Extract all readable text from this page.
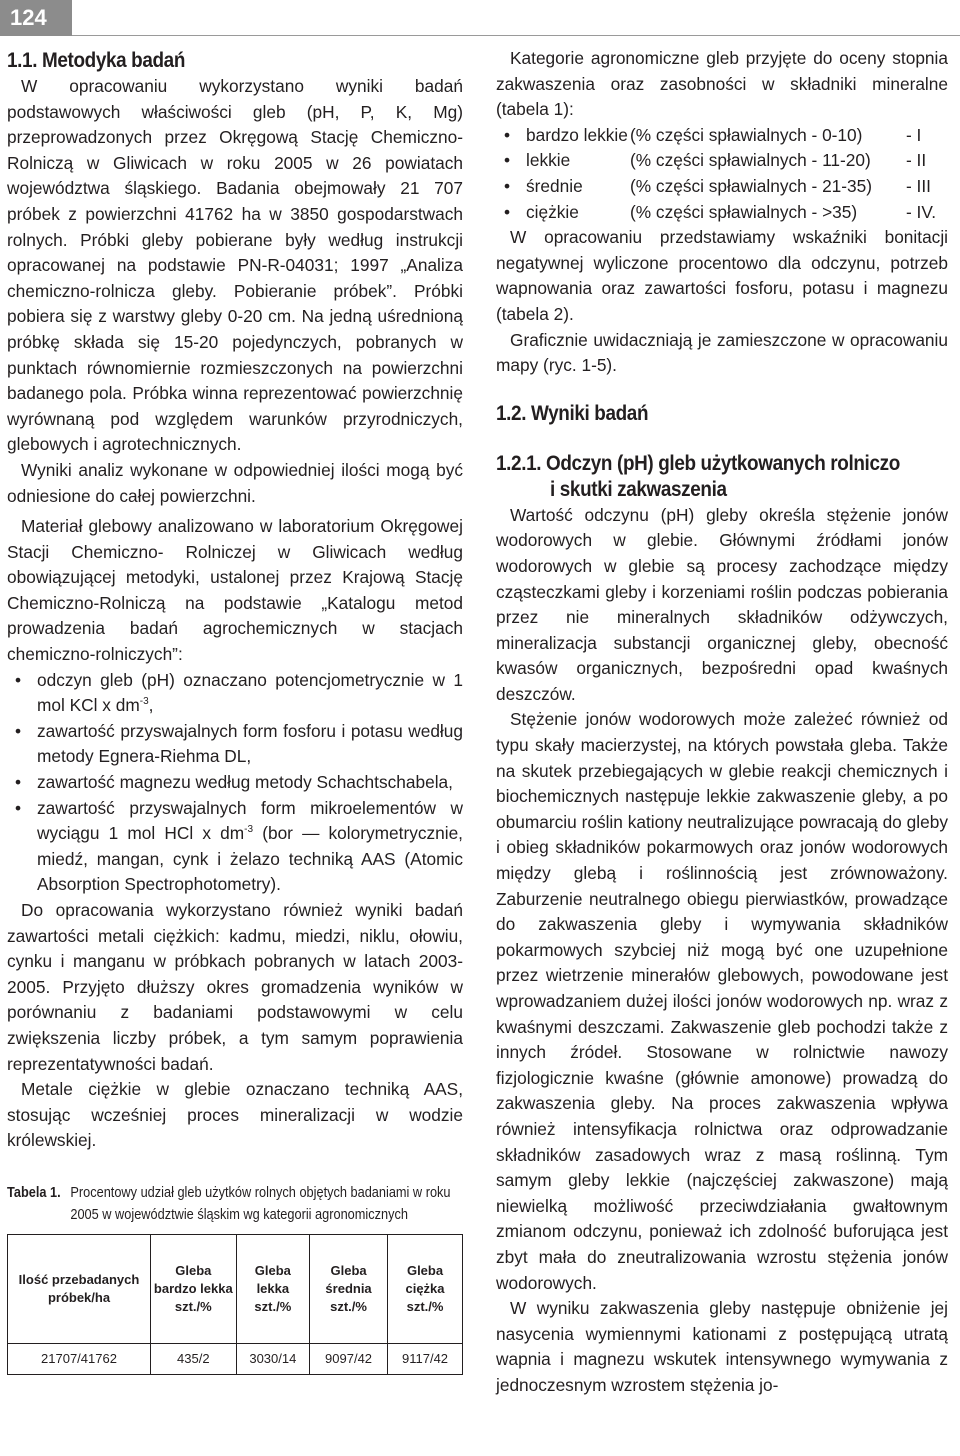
124
1.1. Metodyka badań

W opracowaniu wykorzystano wyniki badań podstawowych właściwości gleb (pH, P, K, Mg) przeprowadzonych przez Okręgową Stację Chemiczno-Rolniczą w Gliwicach w roku 2005 w 26 powiatach województwa śląskiego. Badania obejmowały 21 707 próbek z powierzchni 41762 ha w 3850 gospodarstwach rolnych. Próbki gleby pobierane były według instrukcji opracowanej na podstawie PN-R-04031; 1997 „Analiza chemiczno-rolnicza gleby. Pobieranie próbek”. Próbki pobiera się z warstwy gleby 0-20 cm. Na jedną uśrednioną próbkę składa się 15-20 pojedynczych, pobranych w punktach równomiernie rozmieszczonych na powierzchni badanego pola. Próbka winna reprezentować powierzchnię wyrównaną pod względem warunków przyrodniczych, glebowych i agrotechnicznych.

Wyniki analiz wykonane w odpowiedniej ilości mogą być odniesione do całej powierzchni.

Materiał glebowy analizowano w laboratorium Okręgowej Stacji Chemiczno- Rolniczej w Gliwicach według obowiązującej metodyki, ustalonej przez Krajową Stację Chemiczno-Rolniczą na podstawie „Katalogu metod prowadzenia badań agrochemicznych w stacjach chemiczno-rolniczych”:

• odczyn gleb (pH) oznaczano potencjometrycznie w 1 mol KCl x $dm^{-3}$,
• zawartość przyswajalnych form fosforu i potasu według metody Egnera-Riehma DL,
• zawartość magnezu według metody Schachtschabela,
• zawartość przyswajalnych form mikroelementów w wyciągu 1 mol HCl x $dm^{-3}$ (bor — kolorymetrycznie, miedź, mangan, cynk i żelazo techniką AAS (Atomic Absorption Spectrophotometry).

Do opracowania wykorzystano również wyniki badań zawartości metali ciężkich: kadmu, miedzi, niklu, ołowiu, cynku i manganu w próbkach pobranych w latach 2003-2005. Przyjęto dłuższy okres gromadzenia wyników w porównaniu z badaniami podstawowymi w celu zwiększenia liczby próbek, a tym samym poprawienia reprezentatywności badań.

Metale ciężkie w glebie oznaczano techniką AAS, stosując wcześniej proces mineralizacji w wodzie królewskiej.

Tabela 1. Procentowy udział gleb użytków rolnych objętych badaniami w roku 2005 w województwie śląskim wg kategorii agronomicznych
Ilość przebadanych próbek/ha	Gleba bardzo lekka szt./%	Gleba lekka szt./%	Gleba średnia szt./%	Gleba ciężka szt./%
21707/41762	435/2	3030/14	9097/42	9117/42

Kategorie agronomiczne gleb przyjęte do oceny stopnia zakwaszenia oraz zasobności w składniki mineralne (tabela 1):

• bardzo lekkie (% części spławialnych - 0-10)	- I
• lekkie	(% części spławialnych - 11-20) - II
• średnie	(% części spławialnych - 21-35) - III
• ciężkie	(% części spławialnych - >35)	- IV.

W opracowaniu przedstawiamy wskaźniki bonitacji negatywnej wyliczone procentowo dla odczynu, potrzeb wapnowania oraz zawartości fosforu, potasu i magnezu (tabela 2).

Graficznie uwidaczniają je zamieszczone w opracowaniu mapy (ryc. 1-5).

1.2. Wyniki badań
1.2.1. Odczyn (pH) gleb użytkowanych rolniczo
i skutki zakwaszenia

Wartość odczynu (pH) gleby określa stężenie jonów wodorowych w glebie. Głównymi źródłami jonów wodorowych w glebie są procesy zachodzące między cząsteczkami gleby i korzeniami roślin podczas pobierania przez nie mineralnych składników odżywczych, mineralizacja substancji organicznej gleby, obecność kwasów organicznych, bezpośredni opad kwaśnych deszczów.

Stężenie jonów wodorowych może zależeć również od typu skały macierzystej, na których powstała gleba. Także na skutek przebiegających w glebie reakcji chemicznych i biochemicznych następuje lekkie zakwaszenie gleby, a po obumarciu roślin kationy neutralizujące powracają do gleby i obieg składników pokarmowych oraz jonów wodorowych między glebą i roślinnością jest zrównoważony. Zaburzenie neutralnego obiegu pierwiastków, prowadzące do zakwaszenia gleby i wymywania składników pokarmowych szybciej niż mogą być one uzupełnione przez wietrzenie minerałów glebowych, powodowane jest wprowadzaniem dużej ilości jonów wodorowych np. wraz z kwaśnymi deszczami. Zakwaszenie gleb pochodzi także z innych źródeł. Stosowane w rolnictwie nawozy fizjologicznie kwaśne (głównie amonowe) prowadzą do zakwaszenia gleby. Na proces zakwaszenia wpływa również intensyfikacja rolnictwa oraz odprowadzanie składników zasadowych wraz z masą roślinną. Tym samym gleby lekkie (najczęściej zakwaszone) mają niewielką możliwość przeciwdziałania gwałtownym zmianom odczynu, ponieważ ich zdolność buforująca jest zbyt mała do zneutralizowania wzrostu stężenia jonów wodorowych.

W wyniku zakwaszenia gleby następuje obniżenie jej nasycenia wymiennymi kationami z postępującą utratą wapnia i magnezu wskutek intensywnego wymywania z jednoczesnym wzrostem stężenia jo-
